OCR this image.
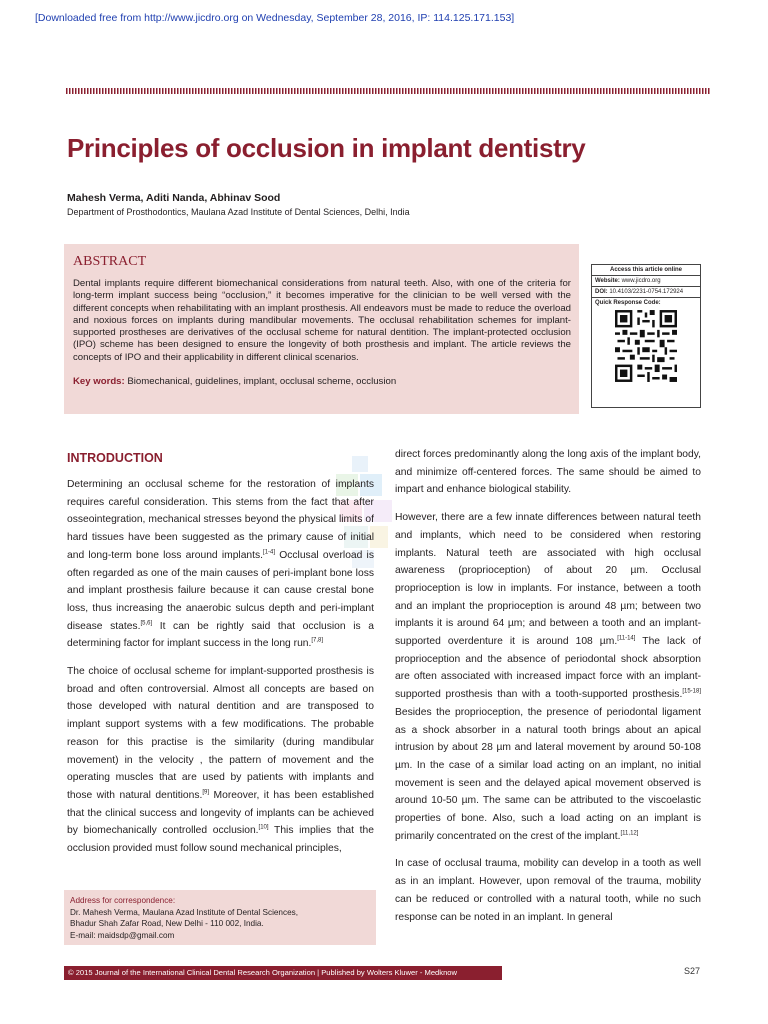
[Downloaded free from http://www.jicdro.org on Wednesday, September 28, 2016, IP: 114.125.171.153]
Principles of occlusion in implant dentistry
Mahesh Verma, Aditi Nanda, Abhinav Sood
Department of Prosthodontics, Maulana Azad Institute of Dental Sciences, Delhi, India
ABSTRACT

Dental implants require different biomechanical considerations from natural teeth. Also, with one of the criteria for long-term implant success being “occlusion,” it becomes imperative for the clinician to be well versed with the different concepts when rehabilitating with an implant prosthesis. All endeavors must be made to reduce the overload and noxious forces on implants during mandibular movements. The occlusal rehabilitation schemes for implant-supported prostheses are derivatives of the occlusal scheme for natural dentition. The implant-protected occlusion (IPO) scheme has been designed to ensure the longevity of both prosthesis and implant. The article reviews the concepts of IPO and their applicability in different clinical scenarios.

Key words: Biomechanical, guidelines, implant, occlusal scheme, occlusion
Access this article online
Website: www.jicdro.org
DOI: 10.4103/2231-0754.172924
Quick Response Code:
INTRODUCTION

Determining an occlusal scheme for the restoration of implants requires careful consideration. This stems from the fact that after osseointegration, mechanical stresses beyond the physical limits of hard tissues have been suggested as the primary cause of initial and long-term bone loss around implants.[1-4] Occlusal overload is often regarded as one of the main causes of peri-implant bone loss and implant prosthesis failure because it can cause crestal bone loss, thus increasing the anaerobic sulcus depth and peri-implant disease states.[5,6] It can be rightly said that occlusion is a determining factor for implant success in the long run.[7,8]

The choice of occlusal scheme for implant-supported prosthesis is broad and often controversial. Almost all concepts are based on those developed with natural dentition and are transposed to implant support systems with a few modifications. The probable reason for this practise is the similarity (during mandibular movement) in the velocity , the pattern of movement and the operating muscles that are used by patients with implants and those with natural dentitions.[9] Moreover, it has been established that the clinical success and longevity of implants can be achieved by biomechanically controlled occlusion.[10] This implies that the occlusion provided must follow sound mechanical principles,

direct forces predominantly along the long axis of the implant body, and minimize off-centered forces. The same should be aimed to impart and enhance biological stability.

However, there are a few innate differences between natural teeth and implants, which need to be considered when restoring implants. Natural teeth are associated with high occlusal awareness (proprioception) of about 20 µm. Occlusal proprioception is low in implants. For instance, between a tooth and an implant the proprioception is around 48 µm; between two implants it is around 64 µm; and between a tooth and an implant-supported overdenture it is around 108 µm.[11-14] The lack of proprioception and the absence of periodontal shock absorption are often associated with increased impact force with an implant-supported prosthesis than with a tooth-supported prosthesis.[15-18] Besides the proprioception, the presence of periodontal ligament as a shock absorber in a natural tooth brings about an apical intrusion by about 28 µm and lateral movement by around 50-108 µm. In the case of a similar load acting on an implant, no initial movement is seen and the delayed apical movement observed is around 10-50 µm. The same can be attributed to the viscoelastic properties of bone. Also, such a load acting on an implant is primarily concentrated on the crest of the implant.[11,12]

In case of occlusal trauma, mobility can develop in a tooth as well as in an implant. However, upon removal of the trauma, mobility can be reduced or controlled with a natural tooth, while no such response can be noted in an implant. In general

Address for correspondence:
Dr. Mahesh Verma, Maulana Azad Institute of Dental Sciences,
Bhadur Shah Zafar Road, New Delhi - 110 002, India.
E-mail: maidsdp@gmail.com
© 2015 Journal of the International Clinical Dental Research Organization | Published by Wolters Kluwer - Medknow	S27
